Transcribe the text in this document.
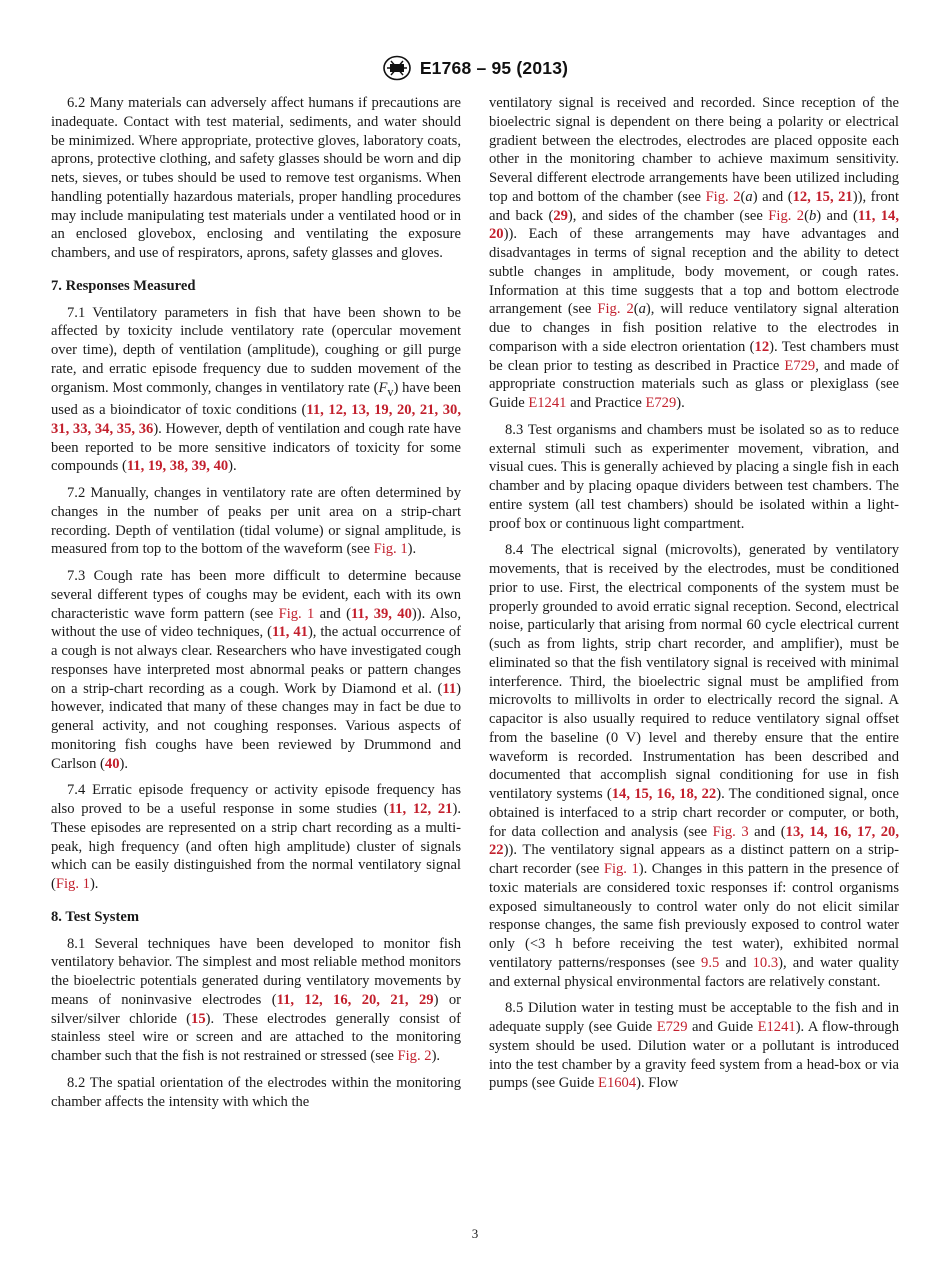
E1768 – 95 (2013)

6.2 Many materials can adversely affect humans if precautions are inadequate. Contact with test material, sediments, and water should be minimized. Where appropriate, protective gloves, laboratory coats, aprons, protective clothing, and safety glasses should be worn and dip nets, sieves, or tubes should be used to remove test organisms. When handling potentially hazardous materials, proper handling procedures may include manipulating test materials under a ventilated hood or in an enclosed glovebox, enclosing and ventilating the exposure chambers, and use of respirators, aprons, safety glasses and gloves.

7. Responses Measured

7.1 Ventilatory parameters in fish that have been shown to be affected by toxicity include ventilatory rate (opercular movement over time), depth of ventilation (amplitude), coughing or gill purge rate, and erratic episode frequency due to sudden movement of the organism. Most commonly, changes in ventilatory rate $(F_v)$ have been used as a bioindicator of toxic conditions (11, 12, 13, 19, 20, 21, 30, 31, 33, 34, 35, 36). However, depth of ventilation and cough rate have been reported to be more sensitive indicators of toxicity for some compounds (11, 19, 38, 39, 40).

7.2 Manually, changes in ventilatory rate are often determined by changes in the number of peaks per unit area on a strip-chart recording. Depth of ventilation (tidal volume) or signal amplitude, is measured from top to the bottom of the waveform (see Fig. 1).

7.3 Cough rate has been more difficult to determine because several different types of coughs may be evident, each with its own characteristic wave form pattern (see Fig. 1 and (11, 39, 40)). Also, without the use of video techniques, (11, 41), the actual occurrence of a cough is not always clear. Researchers who have investigated cough responses have interpreted most abnormal peaks or pattern changes on a strip-chart recording as a cough. Work by Diamond et al. (11) however, indicated that many of these changes may in fact be due to general activity, and not coughing responses. Various aspects of monitoring fish coughs have been reviewed by Drummond and Carlson (40).

7.4 Erratic episode frequency or activity episode frequency has also proved to be a useful response in some studies (11, 12, 21). These episodes are represented on a strip chart recording as a multi-peak, high frequency (and often high amplitude) cluster of signals which can be easily distinguished from the normal ventilatory signal (Fig. 1).

8. Test System

8.1 Several techniques have been developed to monitor fish ventilatory behavior. The simplest and most reliable method monitors the bioelectric potentials generated during ventilatory movements by means of noninvasive electrodes (11, 12, 16, 20, 21, 29) or silver/silver chloride (15). These electrodes generally consist of stainless steel wire or screen and are attached to the monitoring chamber such that the fish is not restrained or stressed (see Fig. 2).

8.2 The spatial orientation of the electrodes within the monitoring chamber affects the intensity with which the

ventilatory signal is received and recorded. Since reception of the bioelectric signal is dependent on there being a polarity or electrical gradient between the electrodes, electrodes are placed opposite each other in the monitoring chamber to achieve maximum sensitivity. Several different electrode arrangements have been utilized including top and bottom of the chamber (see Fig. 2(a) and (12, 15, 21)), front and back (29), and sides of the chamber (see Fig. 2(b) and (11, 14, 20)). Each of these arrangements may have advantages and disadvantages in terms of signal reception and the ability to detect subtle changes in amplitude, body movement, or cough rates. Information at this time suggests that a top and bottom electrode arrangement (see Fig. 2(a), will reduce ventilatory signal alteration due to changes in fish position relative to the electrodes in comparison with a side electron orientation (12). Test chambers must be clean prior to testing as described in Practice E729, and made of appropriate construction materials such as glass or plexiglass (see Guide E1241 and Practice E729).

8.3 Test organisms and chambers must be isolated so as to reduce external stimuli such as experimenter movement, vibration, and visual cues. This is generally achieved by placing a single fish in each chamber and by placing opaque dividers between test chambers. The entire system (all test chambers) should be isolated within a light-proof box or continuous light compartment.

8.4 The electrical signal (microvolts), generated by ventilatory movements, that is received by the electrodes, must be conditioned prior to use. First, the electrical components of the system must be properly grounded to avoid erratic signal reception. Second, electrical noise, particularly that arising from normal 60 cycle electrical current (such as from lights, strip chart recorder, and amplifier), must be eliminated so that the fish ventilatory signal is received with minimal interference. Third, the bioelectric signal must be amplified from microvolts to millivolts in order to electrically record the signal. A capacitor is also usually required to reduce ventilatory signal offset from the baseline (0 V) level and thereby ensure that the entire waveform is recorded. Instrumentation has been described and documented that accomplish signal conditioning for use in fish ventilatory systems (14, 15, 16, 18, 22). The conditioned signal, once obtained is interfaced to a strip chart recorder or computer, or both, for data collection and analysis (see Fig. 3 and (13, 14, 16, 17, 20, 22)). The ventilatory signal appears as a distinct pattern on a strip-chart recorder (see Fig. 1). Changes in this pattern in the presence of toxic materials are considered toxic responses if: control organisms exposed simultaneously to control water only do not elicit similar response changes, the same fish previously exposed to control water only (<3 h before receiving the test water), exhibited normal ventilatory patterns/responses (see 9.5 and 10.3), and water quality and external physical environmental factors are relatively constant.

8.5 Dilution water in testing must be acceptable to the fish and in adequate supply (see Guide E729 and Guide E1241). A flow-through system should be used. Dilution water or a pollutant is introduced into the test chamber by a gravity feed system from a head-box or via pumps (see Guide E1604). Flow

3
